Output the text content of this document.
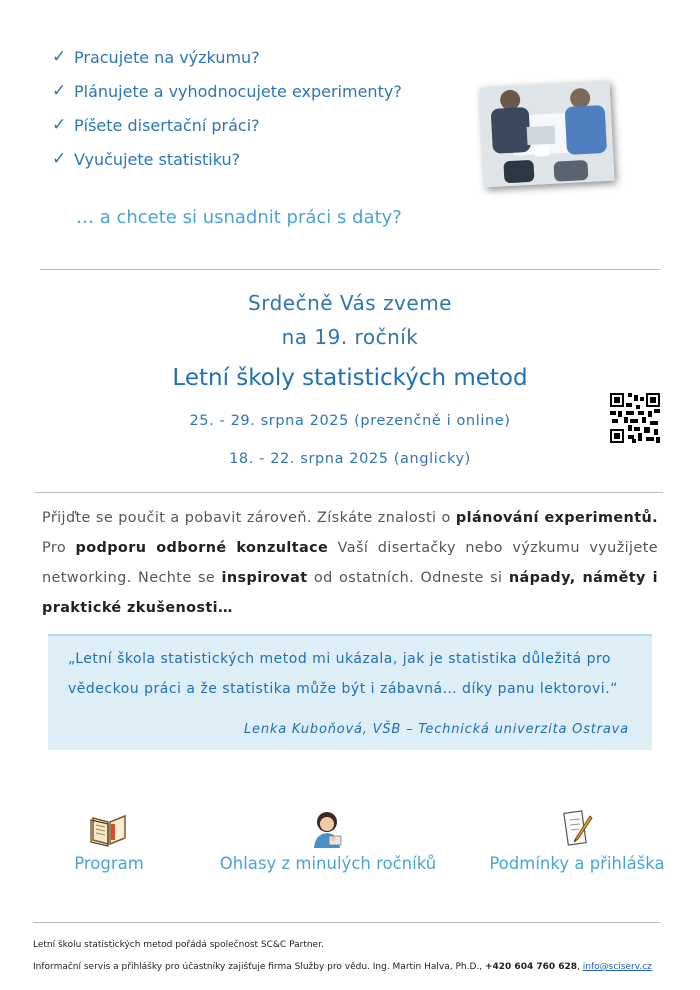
✓ Pracujete na výzkumu?
✓ Plánujete a vyhodnocujete experimenty?
✓ Píšete disertační práci?
✓ Vyučujete statistiku?
… a chcete si usnadnit práci s daty?
Srdečně Vás zveme
na 19. ročník
Letní školy statistických metod
25. - 29. srpna 2025 (prezenčně i online)
18. - 22. srpna 2025 (anglicky)
Přijďte se poučit a pobavit zároveň. Získáte znalosti o plánování experimentů. Pro podporu odborné konzultace Vaší disertačky nebo výzkumu využijete networking. Nechte se inspirovat od ostatních. Odneste si nápady, náměty i praktické zkušenosti…
„Letní škola statistických metod mi ukázala, jak je statistika důležitá pro vědeckou práci a že statistika může být i zábavná… díky panu lektorovi.“
Lenka Kuboňová, VŠB – Technická univerzita Ostrava
Program	Ohlasy z minulých ročníků	Podmínky a přihláška
Letní školu statistických metod pořádá společnost SC&C Partner.
Informační servis a přihlášky pro účastníky zajišťuje firma Služby pro vědu. Ing. Martin Halva, Ph.D., +420 604 760 628, info@sciserv.cz
